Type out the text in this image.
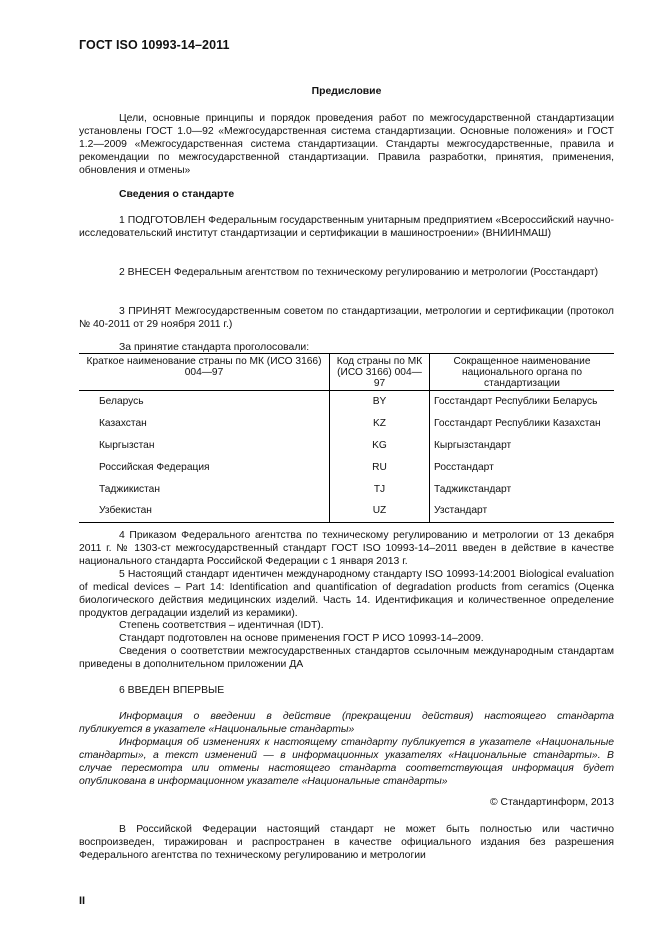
ГОСТ ISO 10993-14–2011
Предисловие
Цели, основные принципы и порядок проведения работ по межгосударственной стандартизации установлены ГОСТ 1.0—92 «Межгосударственная система стандартизации. Основные положения» и ГОСТ 1.2—2009 «Межгосударственная система стандартизации. Стандарты межгосударственные, правила и рекомендации по межгосударственной стандартизации. Правила разработки, принятия, применения, обновления и отмены»
Сведения о стандарте
1 ПОДГОТОВЛЕН Федеральным государственным унитарным предприятием «Всероссийский научно-исследовательский институт стандартизации и сертификации в машиностроении» (ВНИИНМАШ)
2 ВНЕСЕН Федеральным агентством по техническому регулированию и метрологии (Росстандарт)
3 ПРИНЯТ Межгосударственным советом по стандартизации, метрологии и сертификации (протокол № 40-2011 от 29 ноября 2011 г.)
За принятие стандарта проголосовали:
Краткое наименование страны по МК (ИСО 3166) 004—97	Код страны по МК (ИСО 3166) 004—97	Сокращенное наименование национального органа по стандартизации
Беларусь	BY	Госстандарт Республики Беларусь
Казахстан	KZ	Госстандарт Республики Казахстан
Кыргызстан	KG	Кыргызстандарт
Российская Федерация	RU	Росстандарт
Таджикистан	TJ	Таджикстандарт
Узбекистан	UZ	Узстандарт
4 Приказом Федерального агентства по техническому регулированию и метрологии от 13 декабря 2011 г. № 1303-ст межгосударственный стандарт ГОСТ ISO 10993-14–2011 введен в действие в качестве национального стандарта Российской Федерации с 1 января 2013 г.
5 Настоящий стандарт идентичен международному стандарту ISO 10993-14:2001 Biological evaluation of medical devices – Part 14: Identification and quantification of degradation products from ceramics (Оценка биологического действия медицинских изделий. Часть 14. Идентификация и количественное определение продуктов деградации изделий из керамики).
Степень соответствия – идентичная (IDT).
Стандарт подготовлен на основе применения ГОСТ Р ИСО 10993-14–2009.
Сведения о соответствии межгосударственных стандартов ссылочным международным стандартам приведены в дополнительном приложении ДА
6 ВВЕДЕН ВПЕРВЫЕ
Информация о введении в действие (прекращении действия) настоящего стандарта публикуется в указателе «Национальные стандарты»
Информация об изменениях к настоящему стандарту публикуется в указателе «Национальные стандарты», а текст изменений — в информационных указателях «Национальные стандарты». В случае пересмотра или отмены настоящего стандарта соответствующая информация будет опубликована в информационном указателе «Национальные стандарты»
© Стандартинформ, 2013
В Российской Федерации настоящий стандарт не может быть полностью или частично воспроизведен, тиражирован и распространен в качестве официального издания без разрешения Федерального агентства по техническому регулированию и метрологии
II
